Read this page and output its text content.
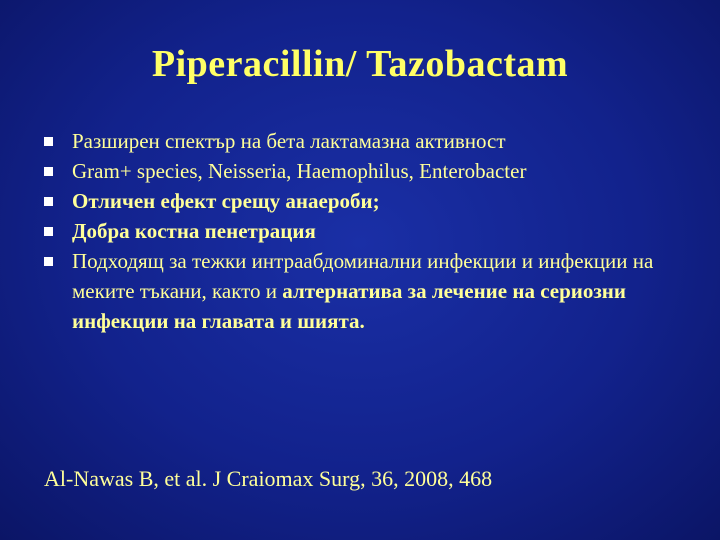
Piperacillin/ Tazobactam
Разширен спектър на бета лактамазна активност
Gram+ species, Neisseria, Haemophilus, Enterobacter
Отличен ефект срещу анаероби;
Добра костна пенетрация
Подходящ за тежки интраабдоминални инфекции и инфекции на меките тъкани, както и алтернатива за лечение на сериозни инфекции на главата и шията.
Al-Nawas B, et al. J Craiomax Surg, 36, 2008, 468
